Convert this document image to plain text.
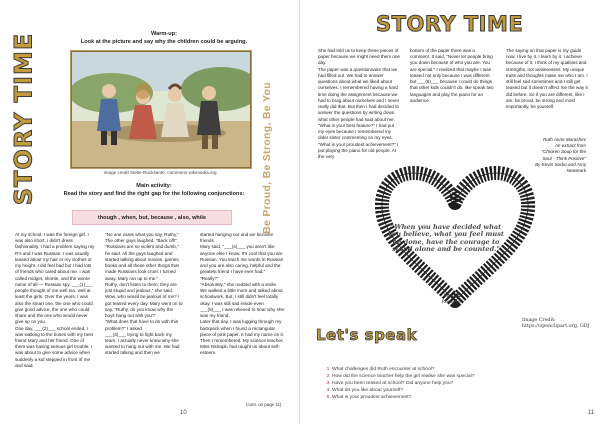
STORY TIME	Warm-up:
Look at the picture and say why the children could be arguing.
Image credit Siebe Rucksante, commons wikimedia.org
Main activity:
Read the story and find the right gap for the following conjunctions:
though , when, but, because , also, while	Be Proud, Be Strong, Be You

At my school, I was the foreign girl. I was also short, I didn't dress fashionably, I had a problem saying my R's and I was Russian. I was usually teased about my hair or my clothes or my height. I did feel bad but I had lots of friends who cared about me. I was called midget, shortie, and the worse name of all — Russian spy. ___(1)___ people thought of me well too, well at least the girls. Over the years, I was also the smart one, the one who could give good advice, the one who could share and the one who would never give up on you.
One day, ___(2)___ school ended, I was walking to the buses with my best friend Mary and her friend. One of them was having serious girl trouble. I was about to give some advice when suddenly a kid stepped in front of me and said,

"No one cares what you say, Ruthy." The other guys laughed. "Back off!"
"Russians are so violent and dumb," he said. All the guys laughed and started talking about movies, games, books and all these other things that made Russians look cruel. I turned away. Mary ran up to me."
Ruthy, don't listen to them; they are just stupid and jealous," she said. Wow, who would be jealous of me? I got teased every day. Mary went on to say, "Ruthy, do you know why the boys hang out with you?"
"What does that have to do with this problem?" I asked
___(3)___ trying to fight back my tears. I actually never knew why she wanted to hang out with me. We had started talking and then we

started hanging out and we became friends.
Mary said, "___(4)___ you aren't like anyone else I know. It's cool that you are Russian. You teach me words in Russian and you are also caring, helpful and the greatest friend I have ever had."
"Really?"
"Absolutely," she nodded with a smile.
We walked a little more and talked about schoolwork. But, I still didn't feel totally okay. I was still sad inside even ___(5)___ I was relieved to hear why she was my friend.
Later that day, I was lugging through my backpack when I found a rectangular piece of pink paper. It had my name on it. Then I remembered. My science teacher, Miss Ostrapk, had taught us about self-esteem.

(cont. on page 11)
10
STORY TIME

She had told us to keep these pieces of paper because we might need them one day.
The paper was a questionnaire that we had filled out. We had to answer questions about what we liked about ourselves. I remembered having a hard time doing the assignment because we had to brag about ourselves and I never really did that. But then I had decided to answer the questions by writing down what other people had said about me.
"What is your best feature?" I had put my eyes because I remembered my older sister commenting on my eyes. "What is your proudest achievement?" I put playing the piano for old people. At the very

bottom of the paper there was a comment. It said, "Never let people bring you down because of who you are. You are special." I realized that maybe I was teased not only because I was different but ___(6)___ because I could do things that other kids couldn't do, like speak two languages and play the piano for an audience.

The saying on that paper is my guide now. I live by it. I learn by it. I achieve because of it. I think of my qualities and strengths, not weaknesses. My unique traits and thoughts make me who I am. I still feel sad sometimes and I still get teased but it doesn't affect me the way it did before. So if you are different, like I am, be proud, be strong and most importantly, be yourself.

Ruth Anne Marashev
An extract from
"Chicken Soup for the
Soul - Think Positive"
By Kevin Sorbo and Amy
Newmark
"When you have decided what you believe, what you feel must be done, have the courage to stand alone and be counted."
Eleanor
Roosevelt
Image Credit:
https://openclipart.org, GDJ
Let's speak
1. What challenges did Ruth encounter at school?
2. How did the science teacher help the girl realise she was special?
3. Have you been teased at school? Did anyone help you?
4. What do you like about yourself?
5. What is your proudest achievement?
11
